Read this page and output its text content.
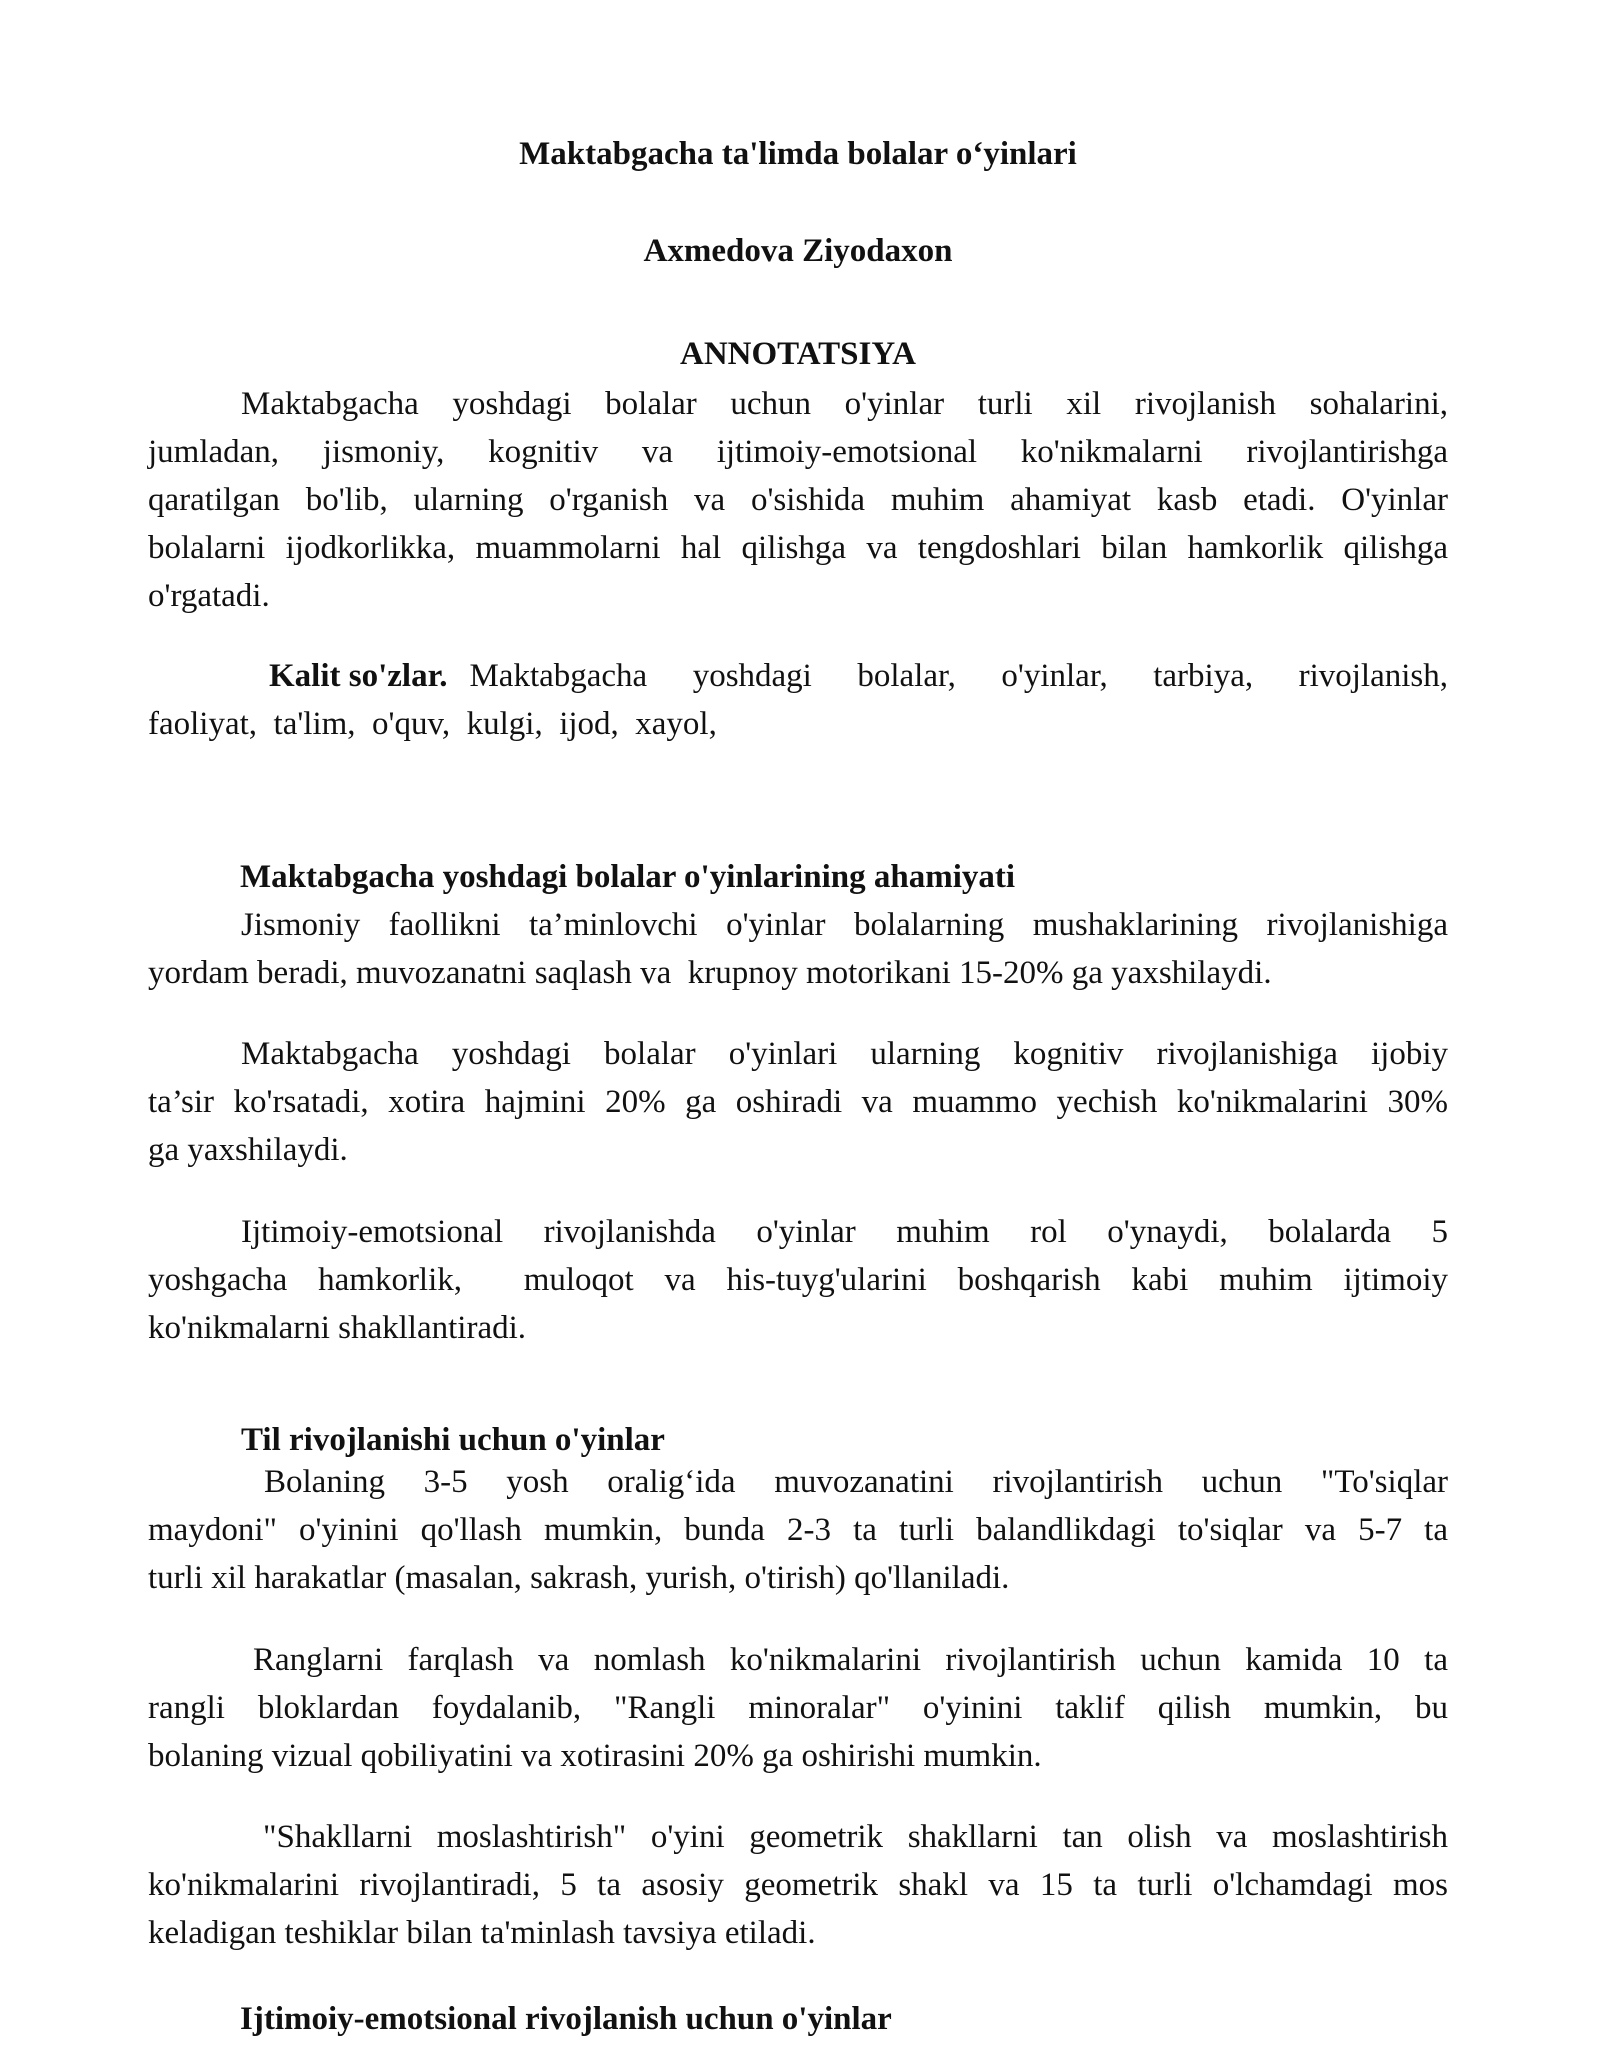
Maktabgacha ta'limda bolalar o‘yinlari
Axmedova Ziyodaxon
ANNOTATSIYA
Maktabgacha yoshdagi bolalar uchun o'yinlar turli xil rivojlanish sohalarini,
jumladan, jismoniy, kognitiv va ijtimoiy-emotsional ko'nikmalarni rivojlantirishga
qaratilgan bo'lib, ularning o'rganish va o'sishida muhim ahamiyat kasb etadi. O'yinlar
bolalarni ijodkorlikka, muammolarni hal qilishga va tengdoshlari bilan hamkorlik qilishga
o'rgatadi.
Kalit so'zlar. Maktabgacha yoshdagi bolalar, o'yinlar, tarbiya, rivojlanish,
faoliyat,  ta'lim,  o'quv,  kulgi,  ijod,  xayol,
Maktabgacha yoshdagi bolalar o'yinlarining ahamiyati
Jismoniy faollikni ta’minlovchi o'yinlar bolalarning mushaklarining rivojlanishiga
yordam beradi, muvozanatni saqlash va  krupnoy motorikani 15-20% ga yaxshilaydi.
Maktabgacha yoshdagi bolalar o'yinlari ularning kognitiv rivojlanishiga ijobiy
ta’sir ko'rsatadi, xotira hajmini 20% ga oshiradi va muammo yechish ko'nikmalarini 30%
ga yaxshilaydi.
Ijtimoiy-emotsional rivojlanishda o'yinlar muhim rol o'ynaydi, bolalarda 5
yoshgacha hamkorlik,  muloqot va his-tuyg'ularini boshqarish kabi muhim ijtimoiy
ko'nikmalarni shakllantiradi.
Til rivojlanishi uchun o'yinlar
Bolaning 3-5 yosh oralig‘ida muvozanatini rivojlantirish uchun "To'siqlar
maydoni" o'yinini qo'llash mumkin, bunda 2-3 ta turli balandlikdagi to'siqlar va 5-7 ta
turli xil harakatlar (masalan, sakrash, yurish, o'tirish) qo'llaniladi.
Ranglarni farqlash va nomlash ko'nikmalarini rivojlantirish uchun kamida 10 ta
rangli bloklardan foydalanib, "Rangli minoralar" o'yinini taklif qilish mumkin, bu
bolaning vizual qobiliyatini va xotirasini 20% ga oshirishi mumkin.
"Shakllarni moslashtirish" o'yini geometrik shakllarni tan olish va moslashtirish
ko'nikmalarini rivojlantiradi, 5 ta asosiy geometrik shakl va 15 ta turli o'lchamdagi mos
keladigan teshiklar bilan ta'minlash tavsiya etiladi.
Ijtimoiy-emotsional rivojlanish uchun o'yinlar
